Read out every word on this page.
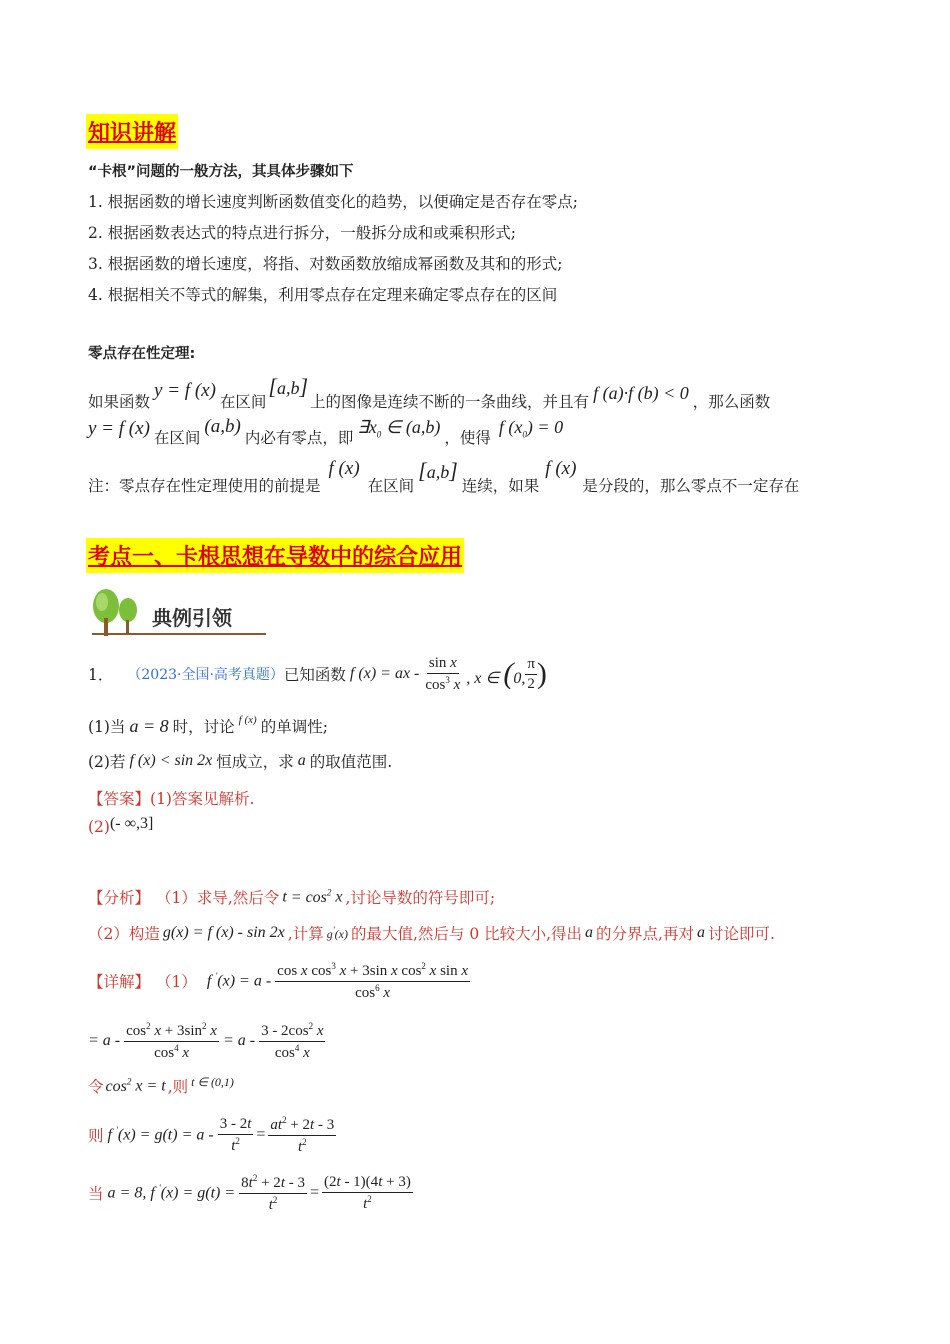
知识讲解
“卡根”问题的一般方法，其具体步骤如下
1. 根据函数的增长速度判断函数值变化的趋势，以便确定是否存在零点;
2. 根据函数表达式的特点进行拆分，一般拆分成和或乘积形式;
3. 根据函数的增长速度，将指、对数函数放缩成幂函数及其和的形式;
4. 根据相关不等式的解集，利用零点存在定理来确定零点存在的区间
零点存在性定理:
如果函数
y = f (x)
在区间
[a,b]
上的图像是连续不断的一条曲线，并且有 f (a)·f (b) < 0 ，那么函数
y = f (x) 在区间
(a,b)
内必有零点，即
$\exists x_0$ ∈ (a,b)
，使得
f $(x_0) = 0$
注：零点存在性定理使用的前提是
f (x)
在区间
[a,b]
连续，如果
f (x)
是分段的，那么零点不一定存在
考点一、卡根思想在导数中的综合应用
典例引领
1． （2023·全国·高考真题） 已知函数 f (x) = ax - $\frac{\text{sin x}}{\cos^3 x}$ , x ∈ (0, $\frac{\pi}{2}$ )
(1)当 a = 8 时，讨论 f (x) 的单调性;
(2)若 f (x) < sin 2x 恒成立，求 a 的取值范围.
【答案】(1)答案见解析.
(2) (- ∞,3]
【分析】 （1）求导,然后令 $t = \cos^2 x$ ,讨论导数的符号即可;
（2）构造 g(x) = f (x) - sin 2x ,计算 g'(x) 的最大值,然后与 0 比较大小,得出 a 的分界点,再对 a 讨论即可.
【详解】 （1） f $'(x) = a - \frac{\cos x \cos^3 x + 3\sin x \cos^2 x \sin x}{\cos^6 x}$
= $a - \frac{\cos^2 x + 3\sin^2 x}{\cos^4 x} = a - \frac{3 - 2\cos^2 x}{\cos^4 x}$
令 $\cos^2 x = t$ ,则 t ∈ (0,1)
则 f $'(x) = g(t) = a - \frac{3 - 2t}{t^2} = \frac{at^2 + 2t - 3}{t^2}$
当 a = 8, f $'(x) = g(t) = \frac{8t^2 + 2t - 3}{t^2} = \frac{(2t - 1)(4t + 3)}{t^2}$
